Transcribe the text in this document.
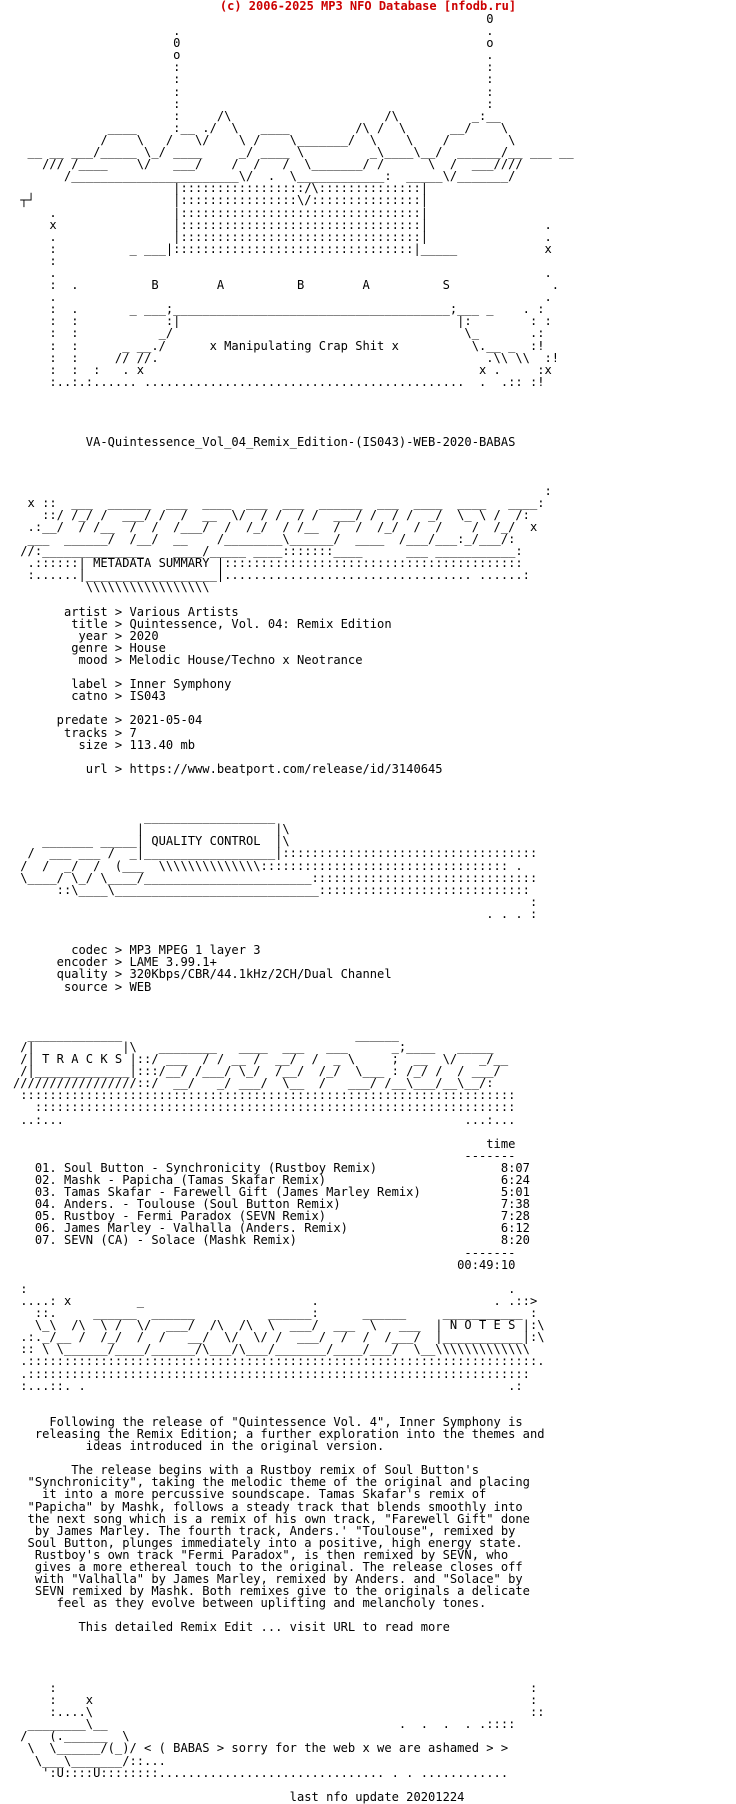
(c) 2006-2025 MP3 NFO Database [nfodb.ru]
0
.                                          .
0                                          o
o                                          .
:                                          :
:                                          :
:                                          :
:                                          :
:     /\                     /\          _:__
____     :__ ./  \   ____         /\ /  \      __/    \
/    \   /   \/    \ /    \_______/  \    \    /        \
__ __ ___/_____ \_/ ____     _/ ____ \         _\____\__/  ______/__ ___ __
/// /____    \/   ___/    /  /   /  \_______/ /      \  /  ___////
/_______________________\/  .  \____________:  _____\/_______/
|:::::::::::::::::/\::::::::::::::|
┬┘                   |::::::::::::::::\/:::::::::::::::|
.                |:::::::::::::::::::::::::::::::::|
x                |:::::::::::::::::::::::::::::::::|                .
.                |:::::::::::::::::::::::::::::::::|                .
:          _ ___|:::::::::::::::::::::::::::::::::|_____            x
:
.                                                                   .
:  .          B        A          B        A          S              .
.                                                                   .
:  .       _ ___;______________________________________;___ _    . :
:  :            :|                                      |:        : :
:  :           _/                                        \_       .:
:  :      _ __./      x Manipulating Crap Shit x          \.__ _  :!
:  :     // //.                                             .\\ \\  :!
:  :  :   . x                                              x .     :x
:..:.:...... ............................................  .  .:: :!

VA-Quintessence_Vol_04_Remix_Edition-(IS043)-WEB-2020-BABAS

:
x ::  ___  ______  ___  ____  ___  ___  ______  ___  ____  ____   ____:
::/ /_/ /  ___/ /  /  __  \/  / /  / /  ___/ /  / /  _/  \_ \ /  /:
.:__/  / /__  /  /  /___/  /  /_/  / /__  /  /  /_/  /  /    /  /_/  x
___  ______/  /__/  __    /________\______/  ____  /___/___:_/___/:
//:______________    ____/_____ ____:::::::____      ___ ___________:
.::::::| METADATA SUMMARY |:::::::::::::::::::::::::::::::::::::::::
:......|__________________|.................................. ......:
\\\\\\\\\\\\\\\\\

artist > Various Artists
title > Quintessence, Vol. 04: Remix Edition
year > 2020
genre > House
mood > Melodic House/Techno x Neotrance

label > Inner Symphony
catno > IS043

predate > 2021-05-04
tracks > 7
size > 113.40 mb

url > https://www.beatport.com/release/id/3140645

__________________
|                  |\
_______ _____| QUALITY CONTROL  |\
/  ___ ___ /  _|__________________|:::::::::::::::::::::::::::::::::::
/  /  _/  /  (___  \\\\\\\\\\\\\\:::::::::::::::::::::::::::::::::: .
\____/ \_/ \____/_______________________:::::::::::::::::::::::::::::::
::\____\____________________________:::::::::::::::::::::::::::::
:
. . . :

codec > MP3 MPEG 1 layer 3
encoder > LAME 3.99.1+
quality > 320Kbps/CBR/44.1kHz/2CH/Dual Channel
source > WEB

_____________                                ______
/|            |\   ________   ____  ___   ___      _;____   _____
/| T R A C K S |::/ ___  / / __ /  __/  /  _ \     ;  __  \/   _/__
/|_____________|:::/__/ /___/ \_/  /__/  /_/  \___ : /_/ /  / ___/
/////////////////::/  __/   _/ ___/  \__  /   ___/ /__\___/__\__/:
::::::::::::::::::::::::::::::::::::::::::::::::::::::::::::::::::::
::::::::::::::::::::::::::::::::::::::::::::::::::::::::::::::::::
..:...                                                       ...:...

time
-------
01. Soul Button - Synchronicity (Rustboy Remix)                 8:07
02. Mashk - Papicha (Tamas Skafar Remix)                        6:24
03. Tamas Skafar - Farewell Gift (James Marley Remix)           5:01
04. Anders. - Toulouse (Soul Button Remix)                      7:38
05. Rustboy - Fermi Paradox (SEVN Remix)                        7:28
06. James Marley - Valhalla (Anders. Remix)                     6:12
07. SEVN (CA) - Solace (Mashk Remix)                            8:20
-------
00:49:10

:                                                                  .
....: x         _                       .                        . .::>
::.     ______  ______          ______:      ______     ___________ :
\_\  /\  \ /  \/  ___/  /\  /\  \  ___/  ___  \   ___  | N O T E S |:\
.:._/__ /  /_/  /  /   __/  \/  \/ /  ___/  /  /  /___/  |___________|:\
:: \ \______/____/______/\___/\___/_______/____/___/  \__\\\\\\\\\\\\\
.::::::::::::::::::::::::::::::::::::::::::::::::::::::::::::::::::::::.
.:::::::::::::::::::::::::::::::::::::::::::::::::::::::::::::::::::::
:...::. .                                                          .:

Following the release of "Quintessence Vol. 4", Inner Symphony is
releasing the Remix Edition; a further exploration into the themes and
ideas introduced in the original version.

The release begins with a Rustboy remix of Soul Button's
"Synchronicity", taking the melodic theme of the original and placing
it into a more percussive soundscape. Tamas Skafar's remix of
"Papicha" by Mashk, follows a steady track that blends smoothly into
the next song which is a remix of his own track, "Farewell Gift" done
by James Marley. The fourth track, Anders.' "Toulouse", remixed by
Soul Button, plunges immediately into a positive, high energy state.
Rustboy's own track "Fermi Paradox", is then remixed by SEVN, who
gives a more ethereal touch to the original. The release closes off
with "Valhalla" by James Marley, remixed by Anders. and "Solace" by
SEVN remixed by Mashk. Both remixes give to the originals a delicate
feel as they evolve between uplifting and melancholy tones.

This detailed Remix Edit ... visit URL to read more

:                                                                 :
:    x                                                            :
:....\                                                            ::
________\__                                        .  .  .  . .::::
/   (.______  \
\  \______/(_)/ < ( BABAS > sorry for the web x we are ashamed > >
\___\_______/::...
':U::::U::::::::............................... . . ............

last nfo update 20201224
